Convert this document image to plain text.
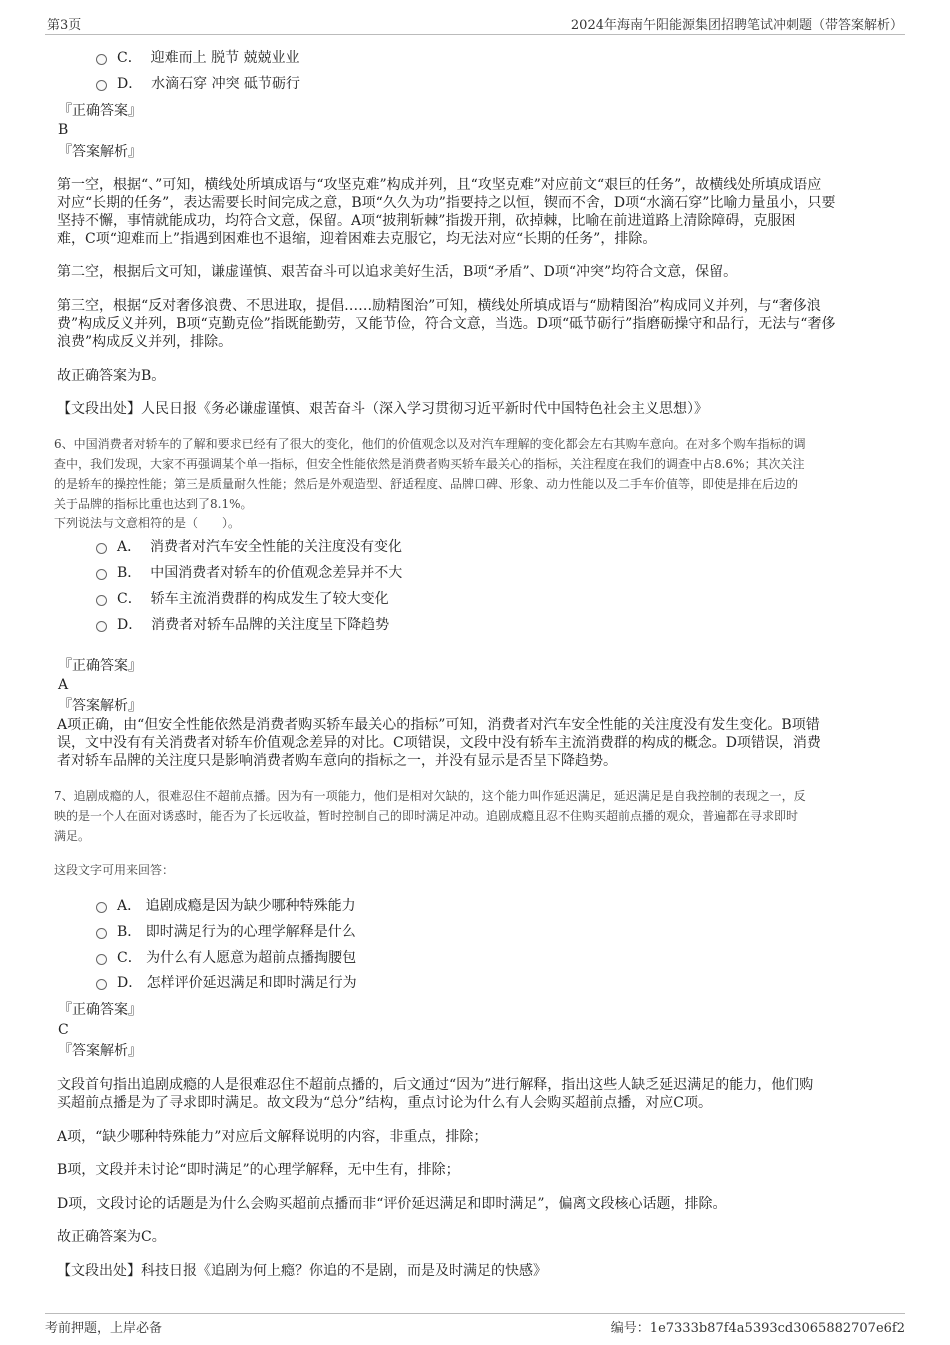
第3页	2024年海南午阳能源集团招聘笔试冲刺题（带答案解析）
C． 迎难而上 脱节 兢兢业业
D． 水滴石穿 冲突 砥节砺行
『正确答案』
B
『答案解析』
第一空，根据“、”可知，横线处所填成语与“攻坚克难”构成并列，且“攻坚克难”对应前文“艰巨的任务”，故横线处所填成语应
对应“长期的任务”，表达需要长时间完成之意，B项“久久为功”指要持之以恒，锲而不舍，D项“水滴石穿”比喻力量虽小，只要
坚持不懈，事情就能成功，均符合文意，保留。A项“披荆斩棘”指拨开荆，砍掉棘，比喻在前进道路上清除障碍，克服困
难，C项“迎难而上”指遇到困难也不退缩，迎着困难去克服它，均无法对应“长期的任务”，排除。
第二空，根据后文可知，谦虚谨慎、艰苦奋斗可以追求美好生活，B项“矛盾”、D项“冲突”均符合文意，保留。
第三空，根据“反对奢侈浪费、不思进取，提倡……励精图治”可知，横线处所填成语与“励精图治”构成同义并列，与“奢侈浪
费”构成反义并列，B项“克勤克俭”指既能勤劳，又能节俭，符合文意，当选。D项“砥节砺行”指磨砺操守和品行，无法与“奢侈
浪费”构成反义并列，排除。
故正确答案为B。
【文段出处】人民日报《务必谦虚谨慎、艰苦奋斗（深入学习贯彻习近平新时代中国特色社会主义思想）》
6、中国消费者对轿车的了解和要求已经有了很大的变化，他们的价值观念以及对汽车理解的变化都会左右其购车意向。在对多个购车指标的调
查中，我们发现，大家不再强调某个单一指标，但安全性能依然是消费者购买轿车最关心的指标，关注程度在我们的调查中占8.6%；其次关注
的是轿车的操控性能；第三是质量耐久性能；然后是外观造型、舒适程度、品牌口碑、形象、动力性能以及二手车价值等，即使是排在后边的
关于品牌的指标比重也达到了8.1%。
下列说法与文意相符的是（　　）。
A． 消费者对汽车安全性能的关注度没有变化
B． 中国消费者对轿车的价值观念差异并不大
C． 轿车主流消费群的构成发生了较大变化
D． 消费者对轿车品牌的关注度呈下降趋势
『正确答案』
A
『答案解析』
A项正确，由“但安全性能依然是消费者购买轿车最关心的指标”可知，消费者对汽车安全性能的关注度没有发生变化。B项错
误，文中没有有关消费者对轿车价值观念差异的对比。C项错误，文段中没有轿车主流消费群的构成的概念。D项错误，消费
者对轿车品牌的关注度只是影响消费者购车意向的指标之一，并没有显示是否呈下降趋势。
7、追剧成瘾的人，很难忍住不超前点播。因为有一项能力，他们是相对欠缺的，这个能力叫作延迟满足，延迟满足是自我控制的表现之一，反
映的是一个人在面对诱惑时，能否为了长远收益，暂时控制自己的即时满足冲动。追剧成瘾且忍不住购买超前点播的观众，普遍都在寻求即时
满足。
这段文字可用来回答：
A． 追剧成瘾是因为缺少哪种特殊能力
B． 即时满足行为的心理学解释是什么
C． 为什么有人愿意为超前点播掏腰包
D． 怎样评价延迟满足和即时满足行为
『正确答案』
C
『答案解析』
文段首句指出追剧成瘾的人是很难忍住不超前点播的，后文通过“因为”进行解释，指出这些人缺乏延迟满足的能力，他们购
买超前点播是为了寻求即时满足。故文段为“总分”结构，重点讨论为什么有人会购买超前点播，对应C项。
A项，“缺少哪种特殊能力”对应后文解释说明的内容，非重点，排除；
B项，文段并未讨论“即时满足”的心理学解释，无中生有，排除；
D项，文段讨论的话题是为什么会购买超前点播而非“评价延迟满足和即时满足”，偏离文段核心话题，排除。
故正确答案为C。
【文段出处】科技日报《追剧为何上瘾？你追的不是剧，而是及时满足的快感》
考前押题，上岸必备	编号：1e7333b87f4a5393cd3065882707e6f2
